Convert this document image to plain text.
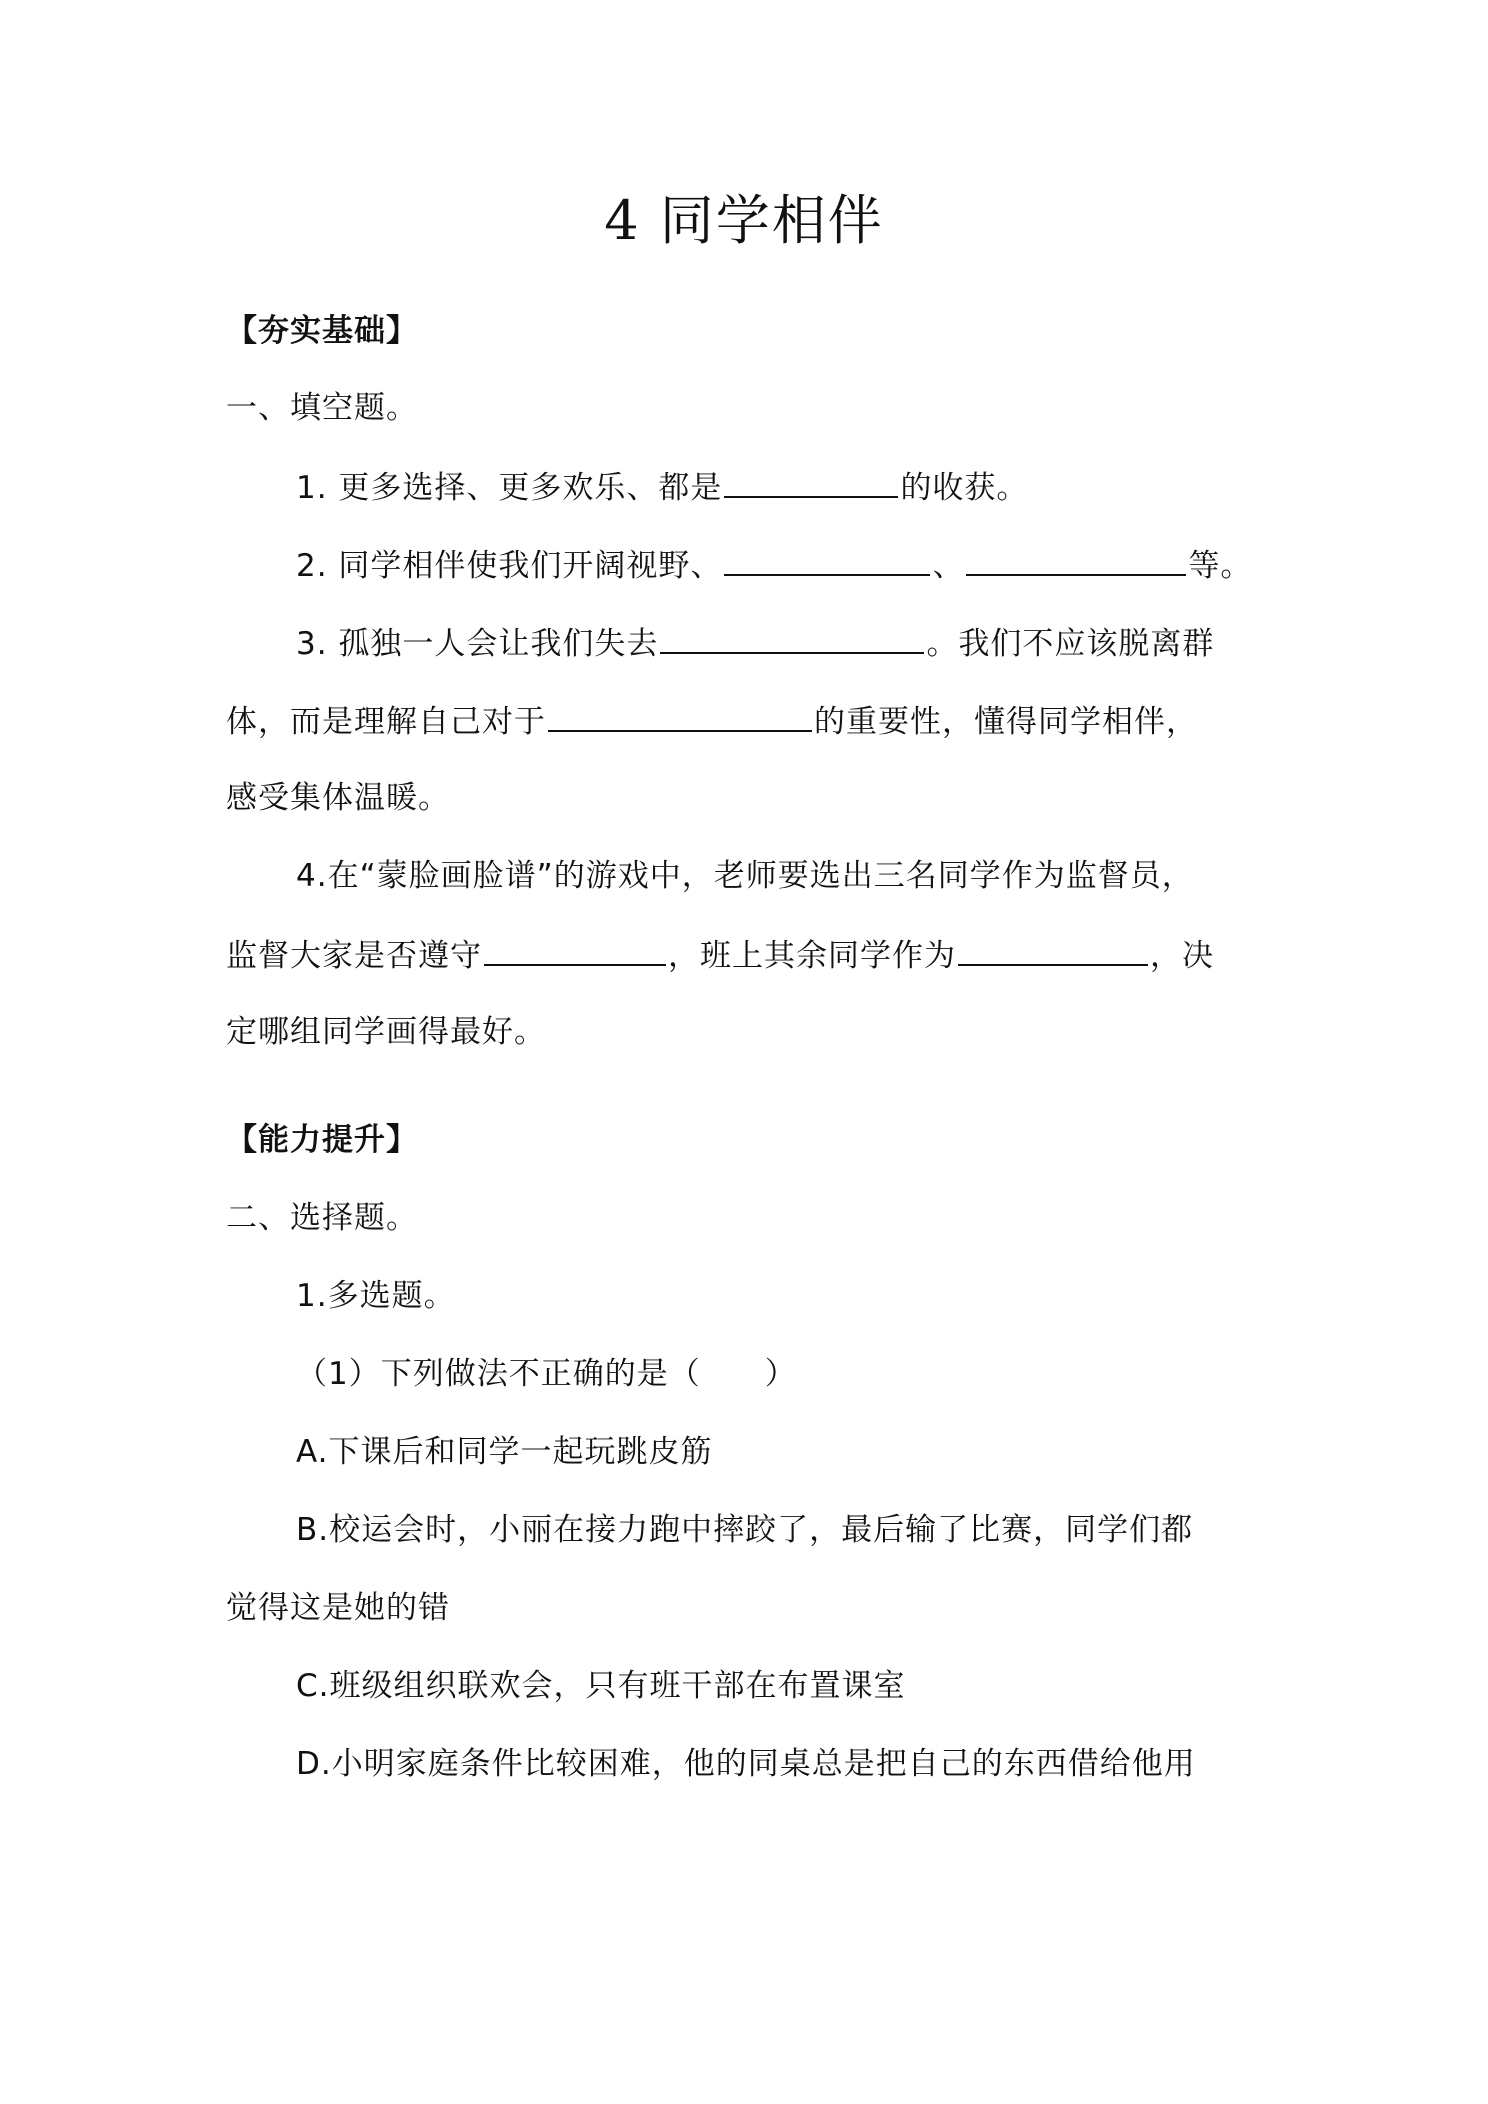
4 同学相伴
【夯实基础】
一、填空题。
1. 更多选择、更多欢乐、都是	的收获。
2. 同学相伴使我们开阔视野、	、	等。
3. 孤独一人会让我们失去	。我们不应该脱离群
体，而是理解自己对于	的重要性，懂得同学相伴，
感受集体温暖。
4.在“蒙脸画脸谱”的游戏中，老师要选出三名同学作为监督员，
监督大家是否遵守	，班上其余同学作为	，决
定哪组同学画得最好。
【能力提升】
二、选择题。
1.多选题。
（1）下列做法不正确的是（　　）
A.下课后和同学一起玩跳皮筋
B.校运会时，小丽在接力跑中摔跤了，最后输了比赛，同学们都
觉得这是她的错
C.班级组织联欢会，只有班干部在布置课室
D.小明家庭条件比较困难，他的同桌总是把自己的东西借给他用
